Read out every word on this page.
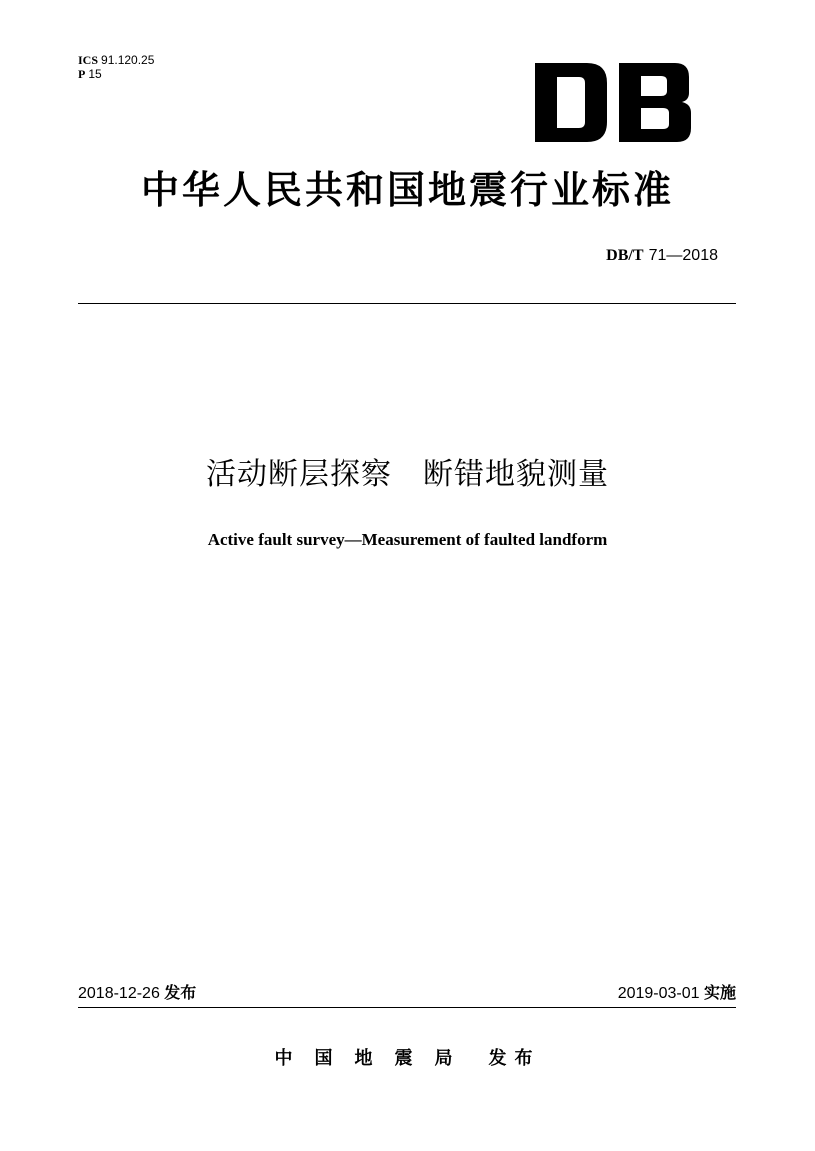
ICS 91.120.25
P 15
中华人民共和国地震行业标准
DB/T 71—2018
活动断层探察　断错地貌测量
Active fault survey—Measurement of faulted landform
2018-12-26 发布	2019-03-01 实施
中国地震局 发布
